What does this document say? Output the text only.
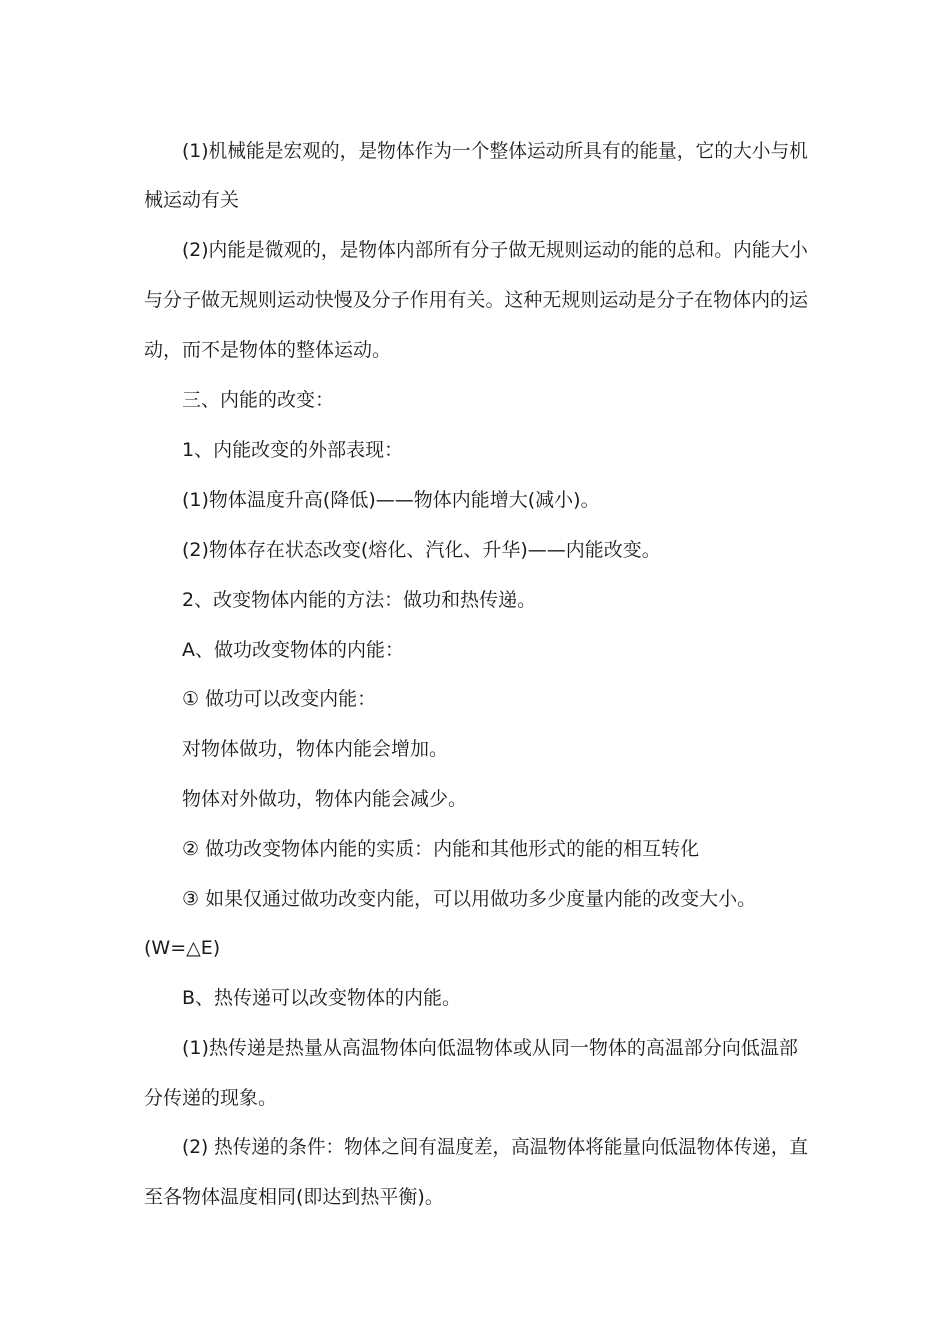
(1)机械能是宏观的，是物体作为一个整体运动所具有的能量，它的大小与机
械运动有关
(2)内能是微观的，是物体内部所有分子做无规则运动的能的总和。内能大小
与分子做无规则运动快慢及分子作用有关。这种无规则运动是分子在物体内的运
动，而不是物体的整体运动。
三、内能的改变：
1、内能改变的外部表现：
(1)物体温度升高(降低)——物体内能增大(减小)。
(2)物体存在状态改变(熔化、汽化、升华)——内能改变。
2、改变物体内能的方法：做功和热传递。
A、做功改变物体的内能：
① 做功可以改变内能：
对物体做功，物体内能会增加。
物体对外做功，物体内能会减少。
② 做功改变物体内能的实质：内能和其他形式的能的相互转化
③ 如果仅通过做功改变内能，可以用做功多少度量内能的改变大小。
(W=△E)
B、热传递可以改变物体的内能。
(1)热传递是热量从高温物体向低温物体或从同一物体的高温部分向低温部
分传递的现象。
(2) 热传递的条件：物体之间有温度差，高温物体将能量向低温物体传递，直
至各物体温度相同(即达到热平衡)。
